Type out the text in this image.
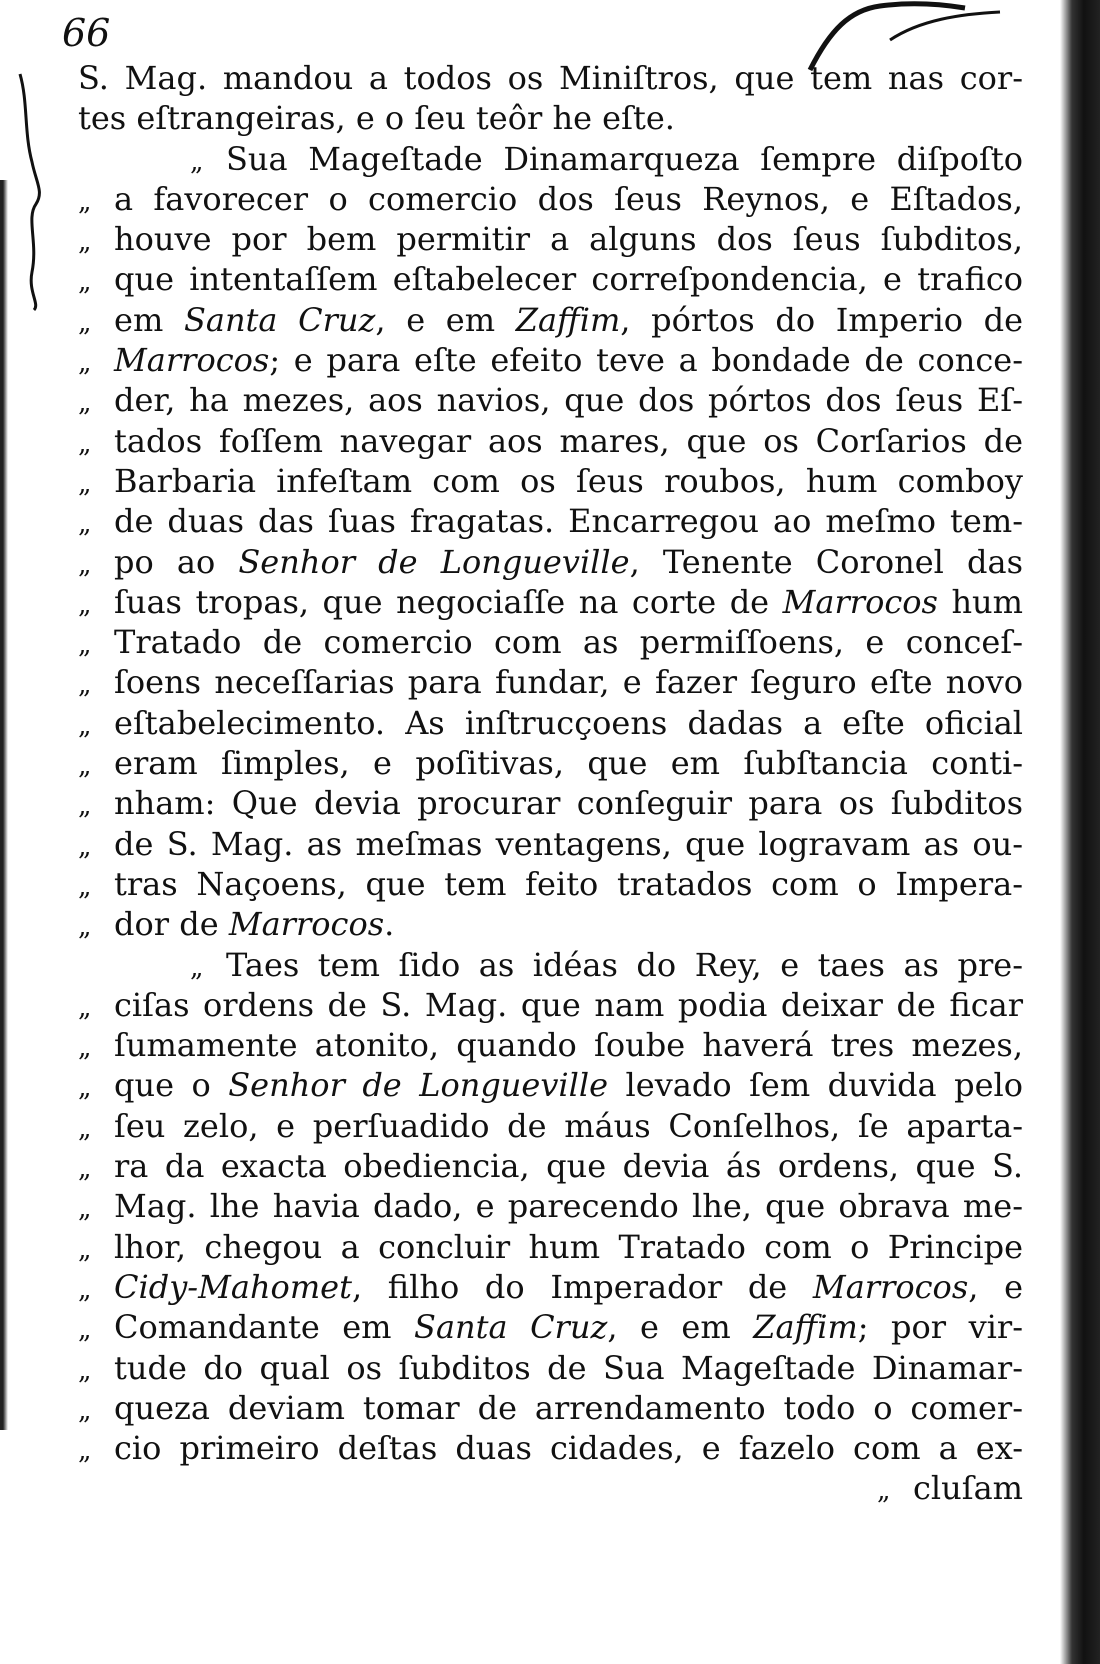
66
S. Mag. mandou a todos os Miniſtros, que tem nas cor-
tes eſtrangeiras, e o ſeu teôr he eſte.
„ Sua Mageſtade Dinamarqueza ſempre diſpoſto
„ a favorecer o comercio dos ſeus Reynos, e Eſtados,
„ houve por bem permitir a alguns dos ſeus ſubditos,
„ que intentaſſem eſtabelecer correſpondencia, e trafico
„ em Santa Cruz, e em Zaffim, pórtos do Imperio de
„ Marrocos; e para eſte efeito teve a bondade de conce-
„ der, ha mezes, aos navios, que dos pórtos dos ſeus Eſ-
„ tados foſſem navegar aos mares, que os Corſarios de
„ Barbaria infeſtam com os ſeus roubos, hum comboy
„ de duas das ſuas fragatas. Encarregou ao meſmo tem-
„ po ao Senhor de Longueville, Tenente Coronel das
„ ſuas tropas, que negociaſſe na corte de Marrocos hum
„ Tratado de comercio com as permiſſoens, e conceſ-
„ ſoens neceſſarias para fundar, e fazer ſeguro eſte novo
„ eſtabelecimento. As inſtrucçoens dadas a eſte oficial
„ eram ſimples, e poſitivas, que em ſubſtancia conti-
„ nham: Que devia procurar conſeguir para os ſubditos
„ de S. Mag. as meſmas ventagens, que logravam as ou-
„ tras Naçoens, que tem feito tratados com o Impera-
„ dor de Marrocos.
„ Taes tem ſido as idéas do Rey, e taes as pre-
„ ciſas ordens de S. Mag. que nam podia deixar de ficar
„ ſumamente atonito, quando ſoube haverá tres mezes,
„ que o Senhor de Longueville levado ſem duvida pelo
„ ſeu zelo, e perſuadido de máus Conſelhos, ſe aparta-
„ ra da exacta obediencia, que devia ás ordens, que S.
„ Mag. lhe havia dado, e parecendo lhe, que obrava me-
„ lhor, chegou a concluir hum Tratado com o Principe
„ Cidy-Mahomet, filho do Imperador de Marrocos, e
„ Comandante em Santa Cruz, e em Zaffim; por vir-
„ tude do qual os ſubditos de Sua Mageſtade Dinamar-
„ queza deviam tomar de arrendamento todo o comer-
„ cio primeiro deſtas duas cidades, e fazelo com a ex-
„ cluſam
